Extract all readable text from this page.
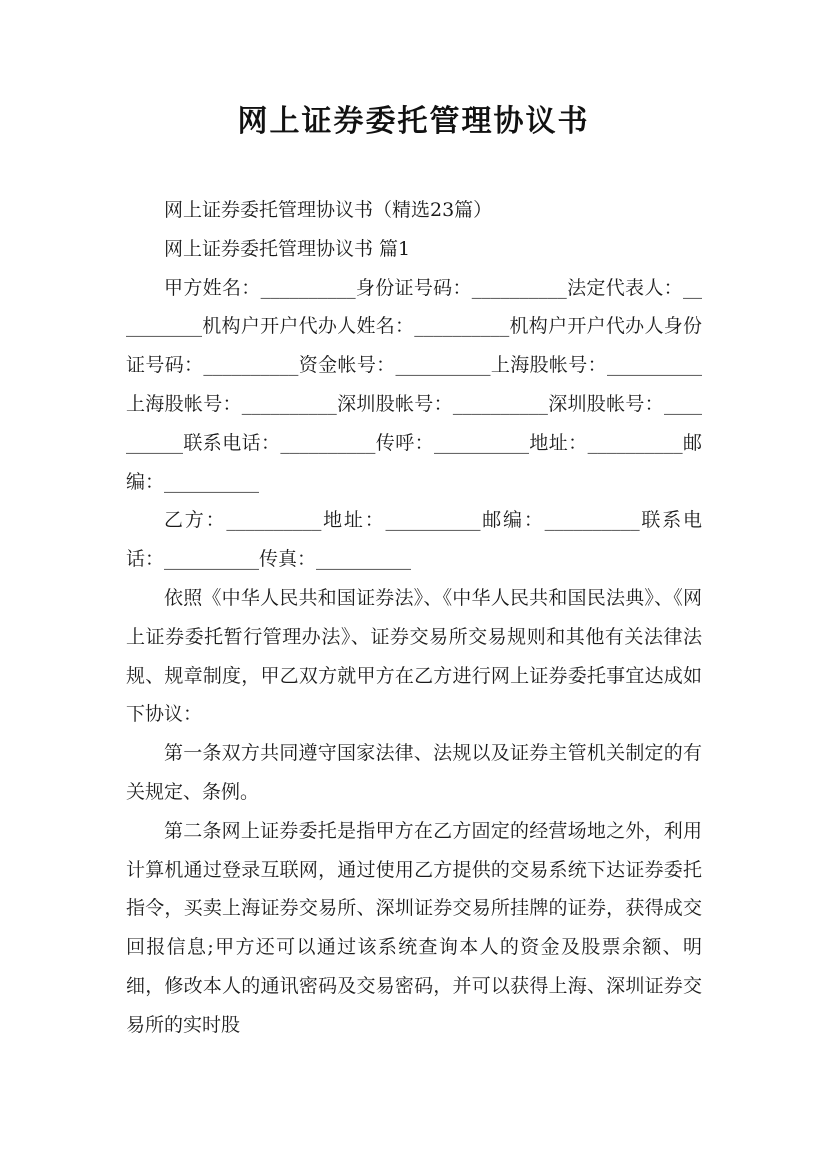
网上证券委托管理协议书

网上证券委托管理协议书（精选23篇）

网上证券委托管理协议书 篇1

甲方姓名：__________身份证号码：__________法定代表人：__________机构户开户代办人姓名：__________机构户开户代办人身份证号码：__________资金帐号：__________上海股帐号：__________上海股帐号：__________深圳股帐号：__________深圳股帐号：__________联系电话：__________传呼：__________地址：__________邮编：__________

乙方：__________地址：__________邮编：__________联系电话：__________传真：__________

依照《中华人民共和国证券法》、《中华人民共和国民法典》、《网上证券委托暂行管理办法》、证券交易所交易规则和其他有关法律法规、规章制度，甲乙双方就甲方在乙方进行网上证券委托事宜达成如下协议：

第一条双方共同遵守国家法律、法规以及证券主管机关制定的有关规定、条例。

第二条网上证券委托是指甲方在乙方固定的经营场地之外，利用计算机通过登录互联网，通过使用乙方提供的交易系统下达证券委托指令，买卖上海证券交易所、深圳证券交易所挂牌的证券，获得成交回报信息;甲方还可以通过该系统查询本人的资金及股票余额、明细，修改本人的通讯密码及交易密码，并可以获得上海、深圳证券交易所的实时股
